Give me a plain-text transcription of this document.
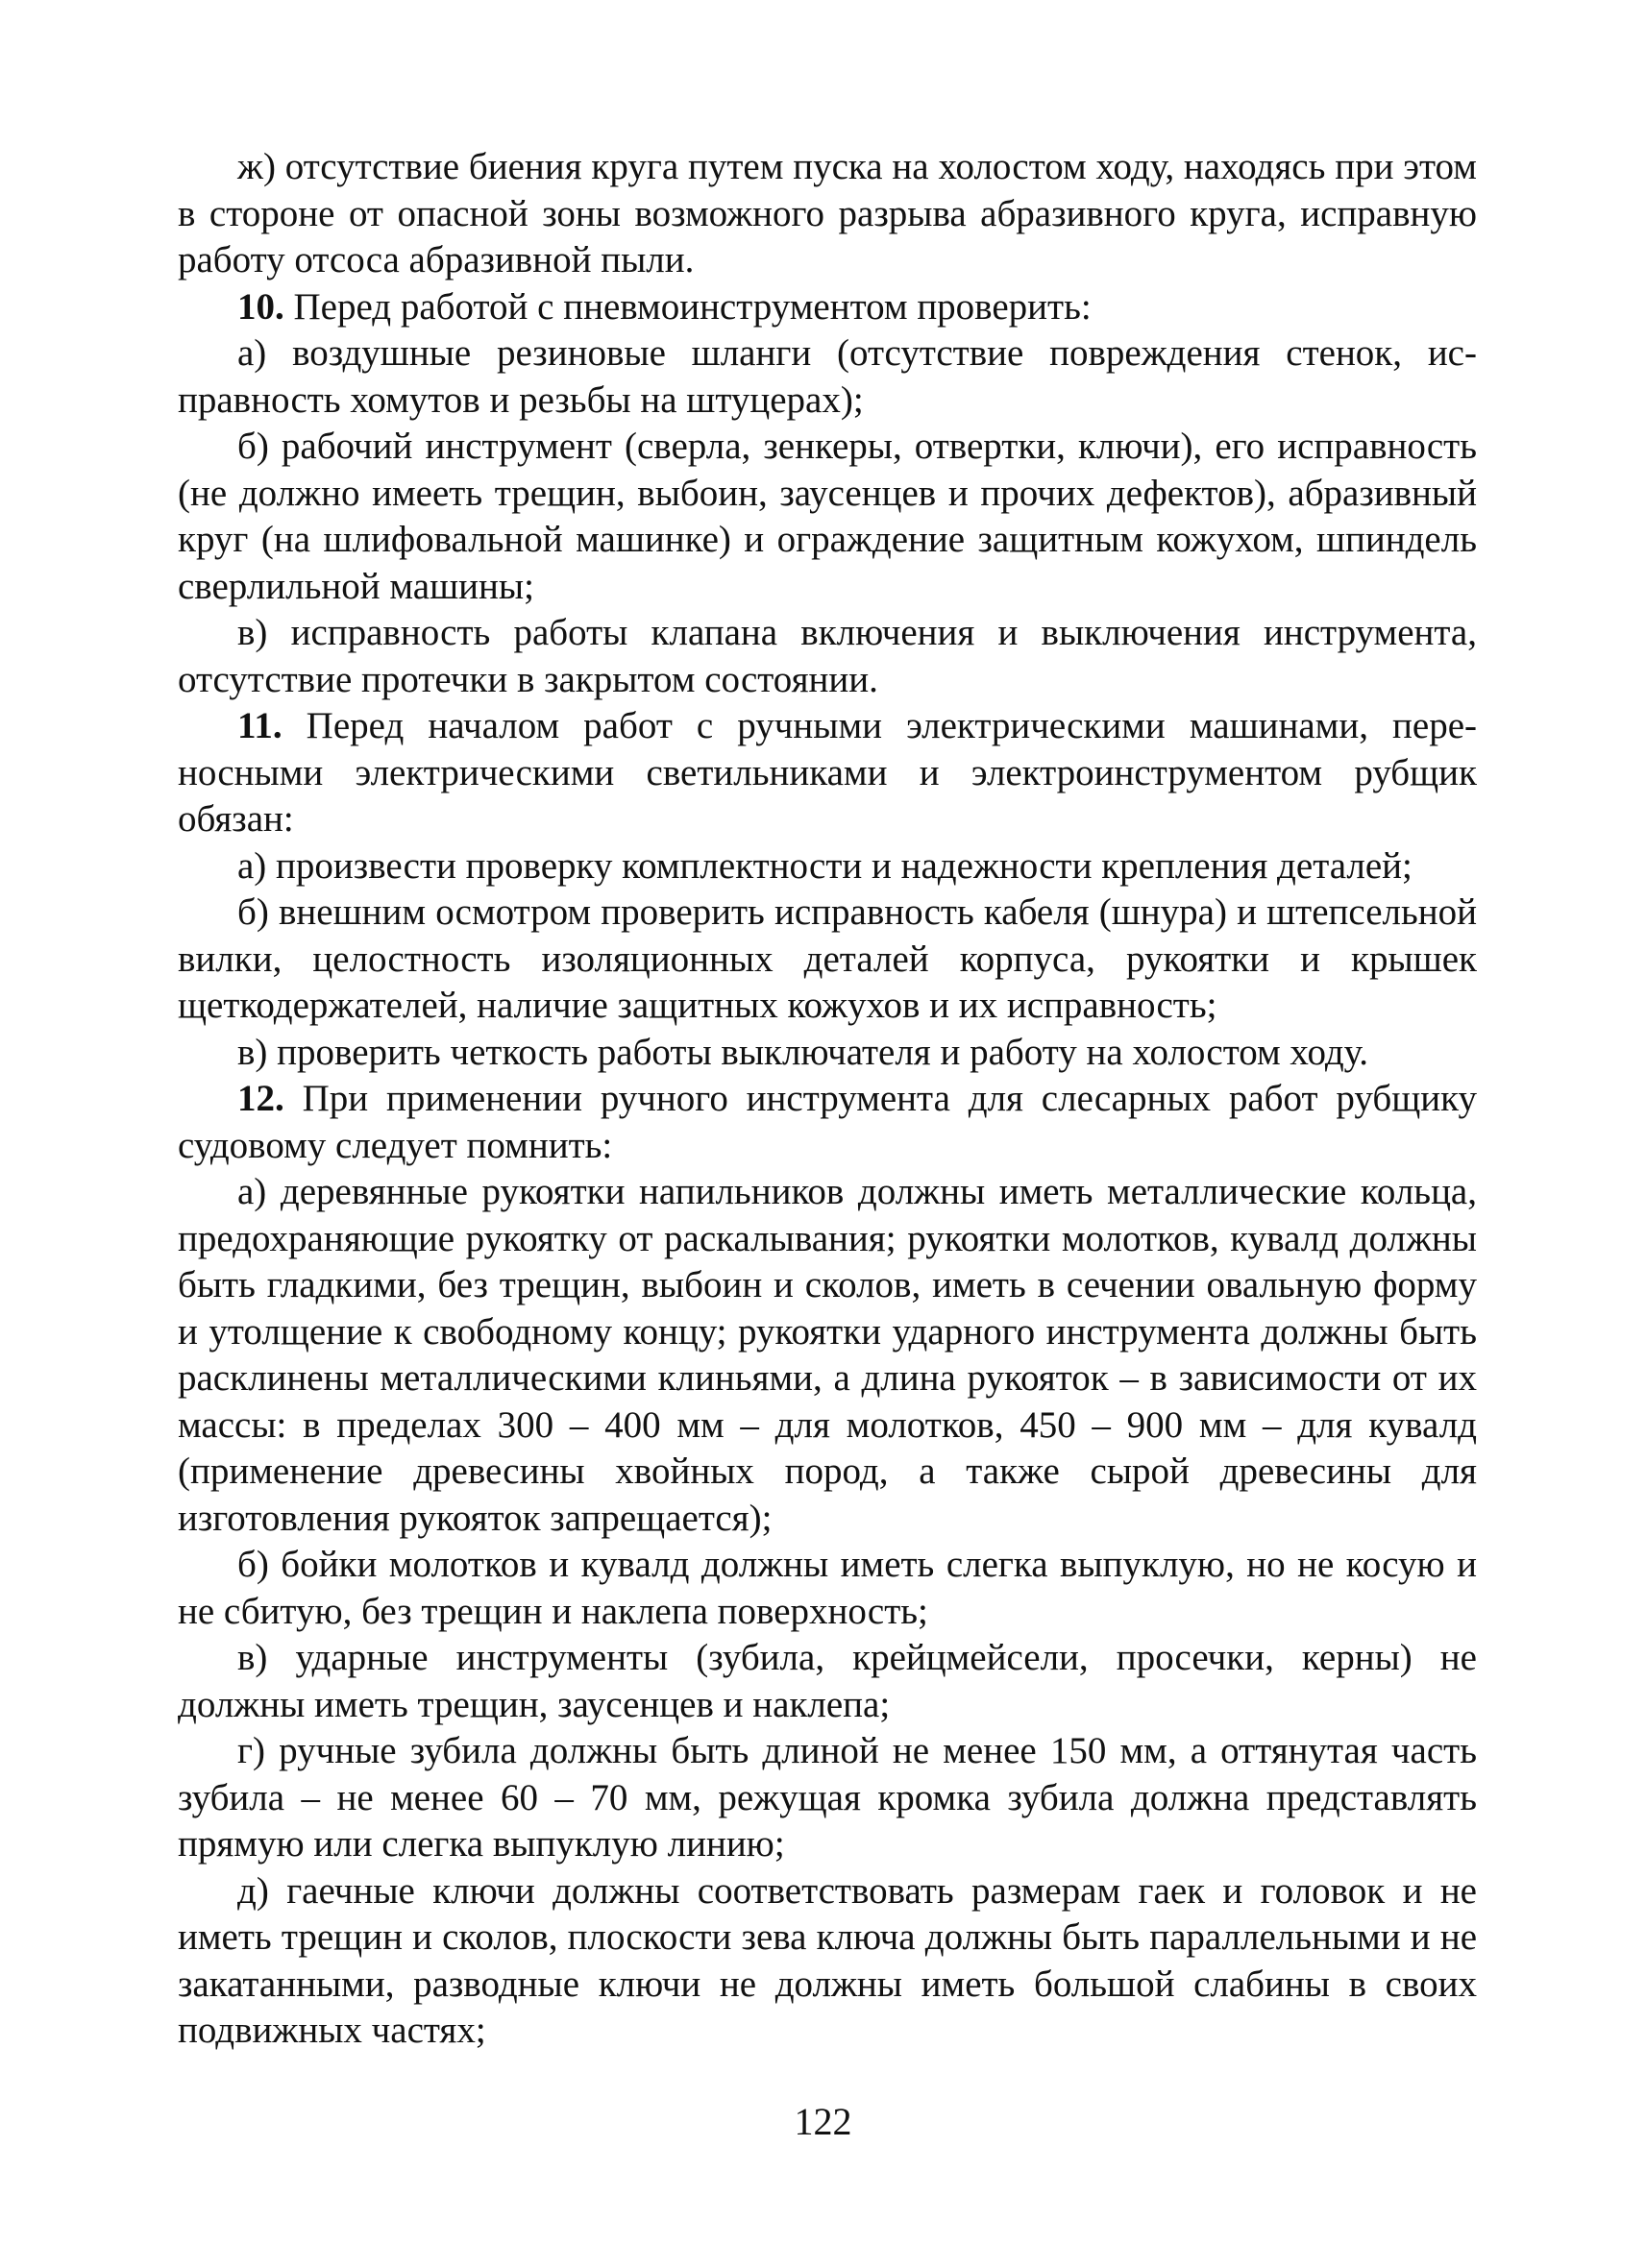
ж) отсутствие биения круга путем пуска на холостом ходу, находясь при этом в стороне от опасной зоны возможного разрыва абразивного круга, исправную работу отсоса абразивной пыли.

10. Перед работой с пневмоинструментом проверить:

а) воздушные резиновые шланги (отсутствие повреждения стенок, исправность хомутов и резьбы на штуцерах);

б) рабочий инструмент (сверла, зенкеры, отвертки, ключи), его исправность (не должно имееть трещин, выбоин, заусенцев и прочих дефектов), абразивный круг (на шлифовальной машинке) и ограждение защитным кожухом, шпиндель сверлильной машины;

в) исправность работы клапана включения и выключения инструмента, отсутствие протечки в закрытом состоянии.

11. Перед началом работ с ручными электрическими машинами, переносными электрическими светильниками и электроинструментом рубщик обязан:

а) произвести проверку комплектности и надежности крепления деталей;

б) внешним осмотром проверить исправность кабеля (шнура) и штепсельной вилки, целостность изоляционных деталей корпуса, рукоятки и крышек щеткодержателей, наличие защитных кожухов и их исправность;

в) проверить четкость работы выключателя и работу на холостом ходу.

12. При применении ручного инструмента для слесарных работ рубщику судовому следует помнить:

а) деревянные рукоятки напильников должны иметь металлические кольца, предохраняющие рукоятку от раскалывания; рукоятки молотков, кувалд должны быть гладкими, без трещин, выбоин и сколов, иметь в сечении овальную форму и утолщение к свободному концу; рукоятки ударного инструмента должны быть расклинены металлическими клиньями, а длина рукояток – в зависимости от их массы: в пределах 300 – 400 мм – для молотков, 450 – 900 мм – для кувалд (применение древесины хвойных пород, а также сырой древесины для изготовления рукояток запрещается);

б) бойки молотков и кувалд должны иметь слегка выпуклую, но не косую и не сбитую, без трещин и наклепа поверхность;

в) ударные инструменты (зубила, крейцмейсели, просечки, керны) не должны иметь трещин, заусенцев и наклепа;

г) ручные зубила должны быть длиной не менее 150 мм, а оттянутая часть зубила – не менее 60 – 70 мм, режущая кромка зубила должна представлять прямую или слегка выпуклую линию;

д) гаечные ключи должны соответствовать размерам гаек и головок и не иметь трещин и сколов, плоскости зева ключа должны быть параллельными и не закатанными, разводные ключи не должны иметь большой слабины в своих подвижных частях;

122
